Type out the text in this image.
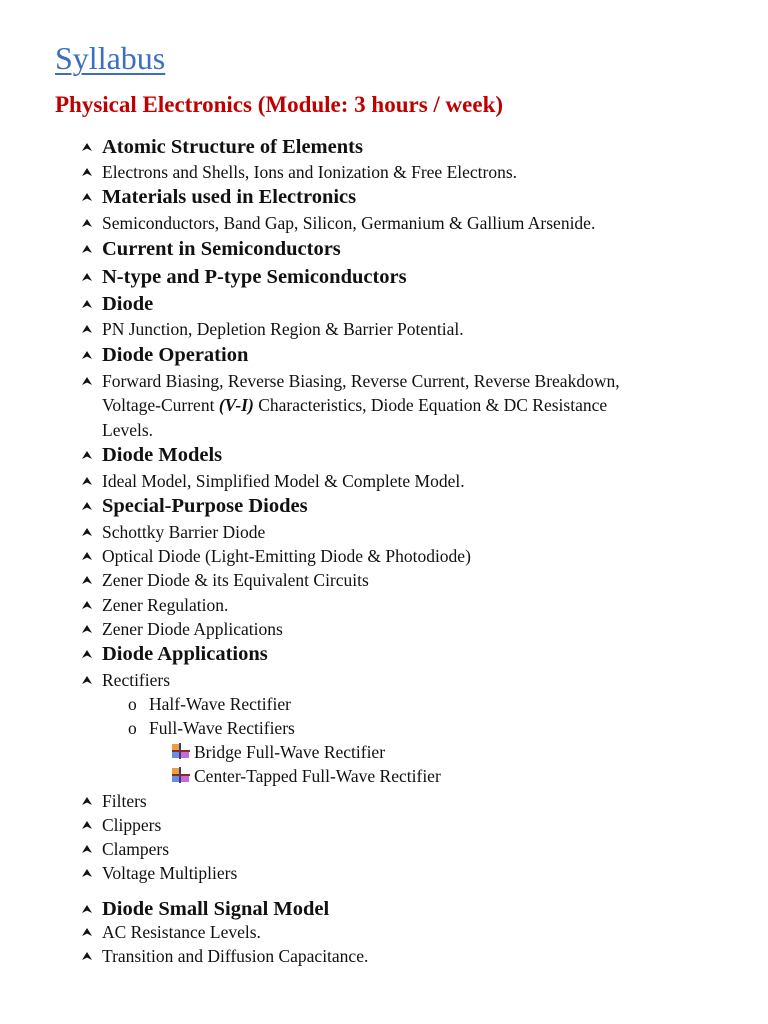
Syllabus
Physical Electronics (Module: 3 hours / week)
Atomic Structure of Elements
Electrons and Shells, Ions and Ionization & Free Electrons.
Materials used in Electronics
Semiconductors, Band Gap, Silicon, Germanium & Gallium Arsenide.
Current in Semiconductors
N-type and P-type Semiconductors
Diode
PN Junction, Depletion Region & Barrier Potential.
Diode Operation
Forward Biasing, Reverse Biasing, Reverse Current, Reverse Breakdown,
Voltage-Current (V-I) Characteristics, Diode Equation & DC Resistance
Levels.
Diode Models
Ideal Model, Simplified Model & Complete Model.
Special-Purpose Diodes
Schottky Barrier Diode
Optical Diode (Light-Emitting Diode & Photodiode)
Zener Diode & its Equivalent Circuits
Zener Regulation.
Zener Diode Applications
Diode Applications
Rectifiers
o Half-Wave Rectifier
o Full-Wave Rectifiers
Bridge Full-Wave Rectifier
Center-Tapped Full-Wave Rectifier
Filters
Clippers
Clampers
Voltage Multipliers
Diode Small Signal Model
AC Resistance Levels.
Transition and Diffusion Capacitance.
